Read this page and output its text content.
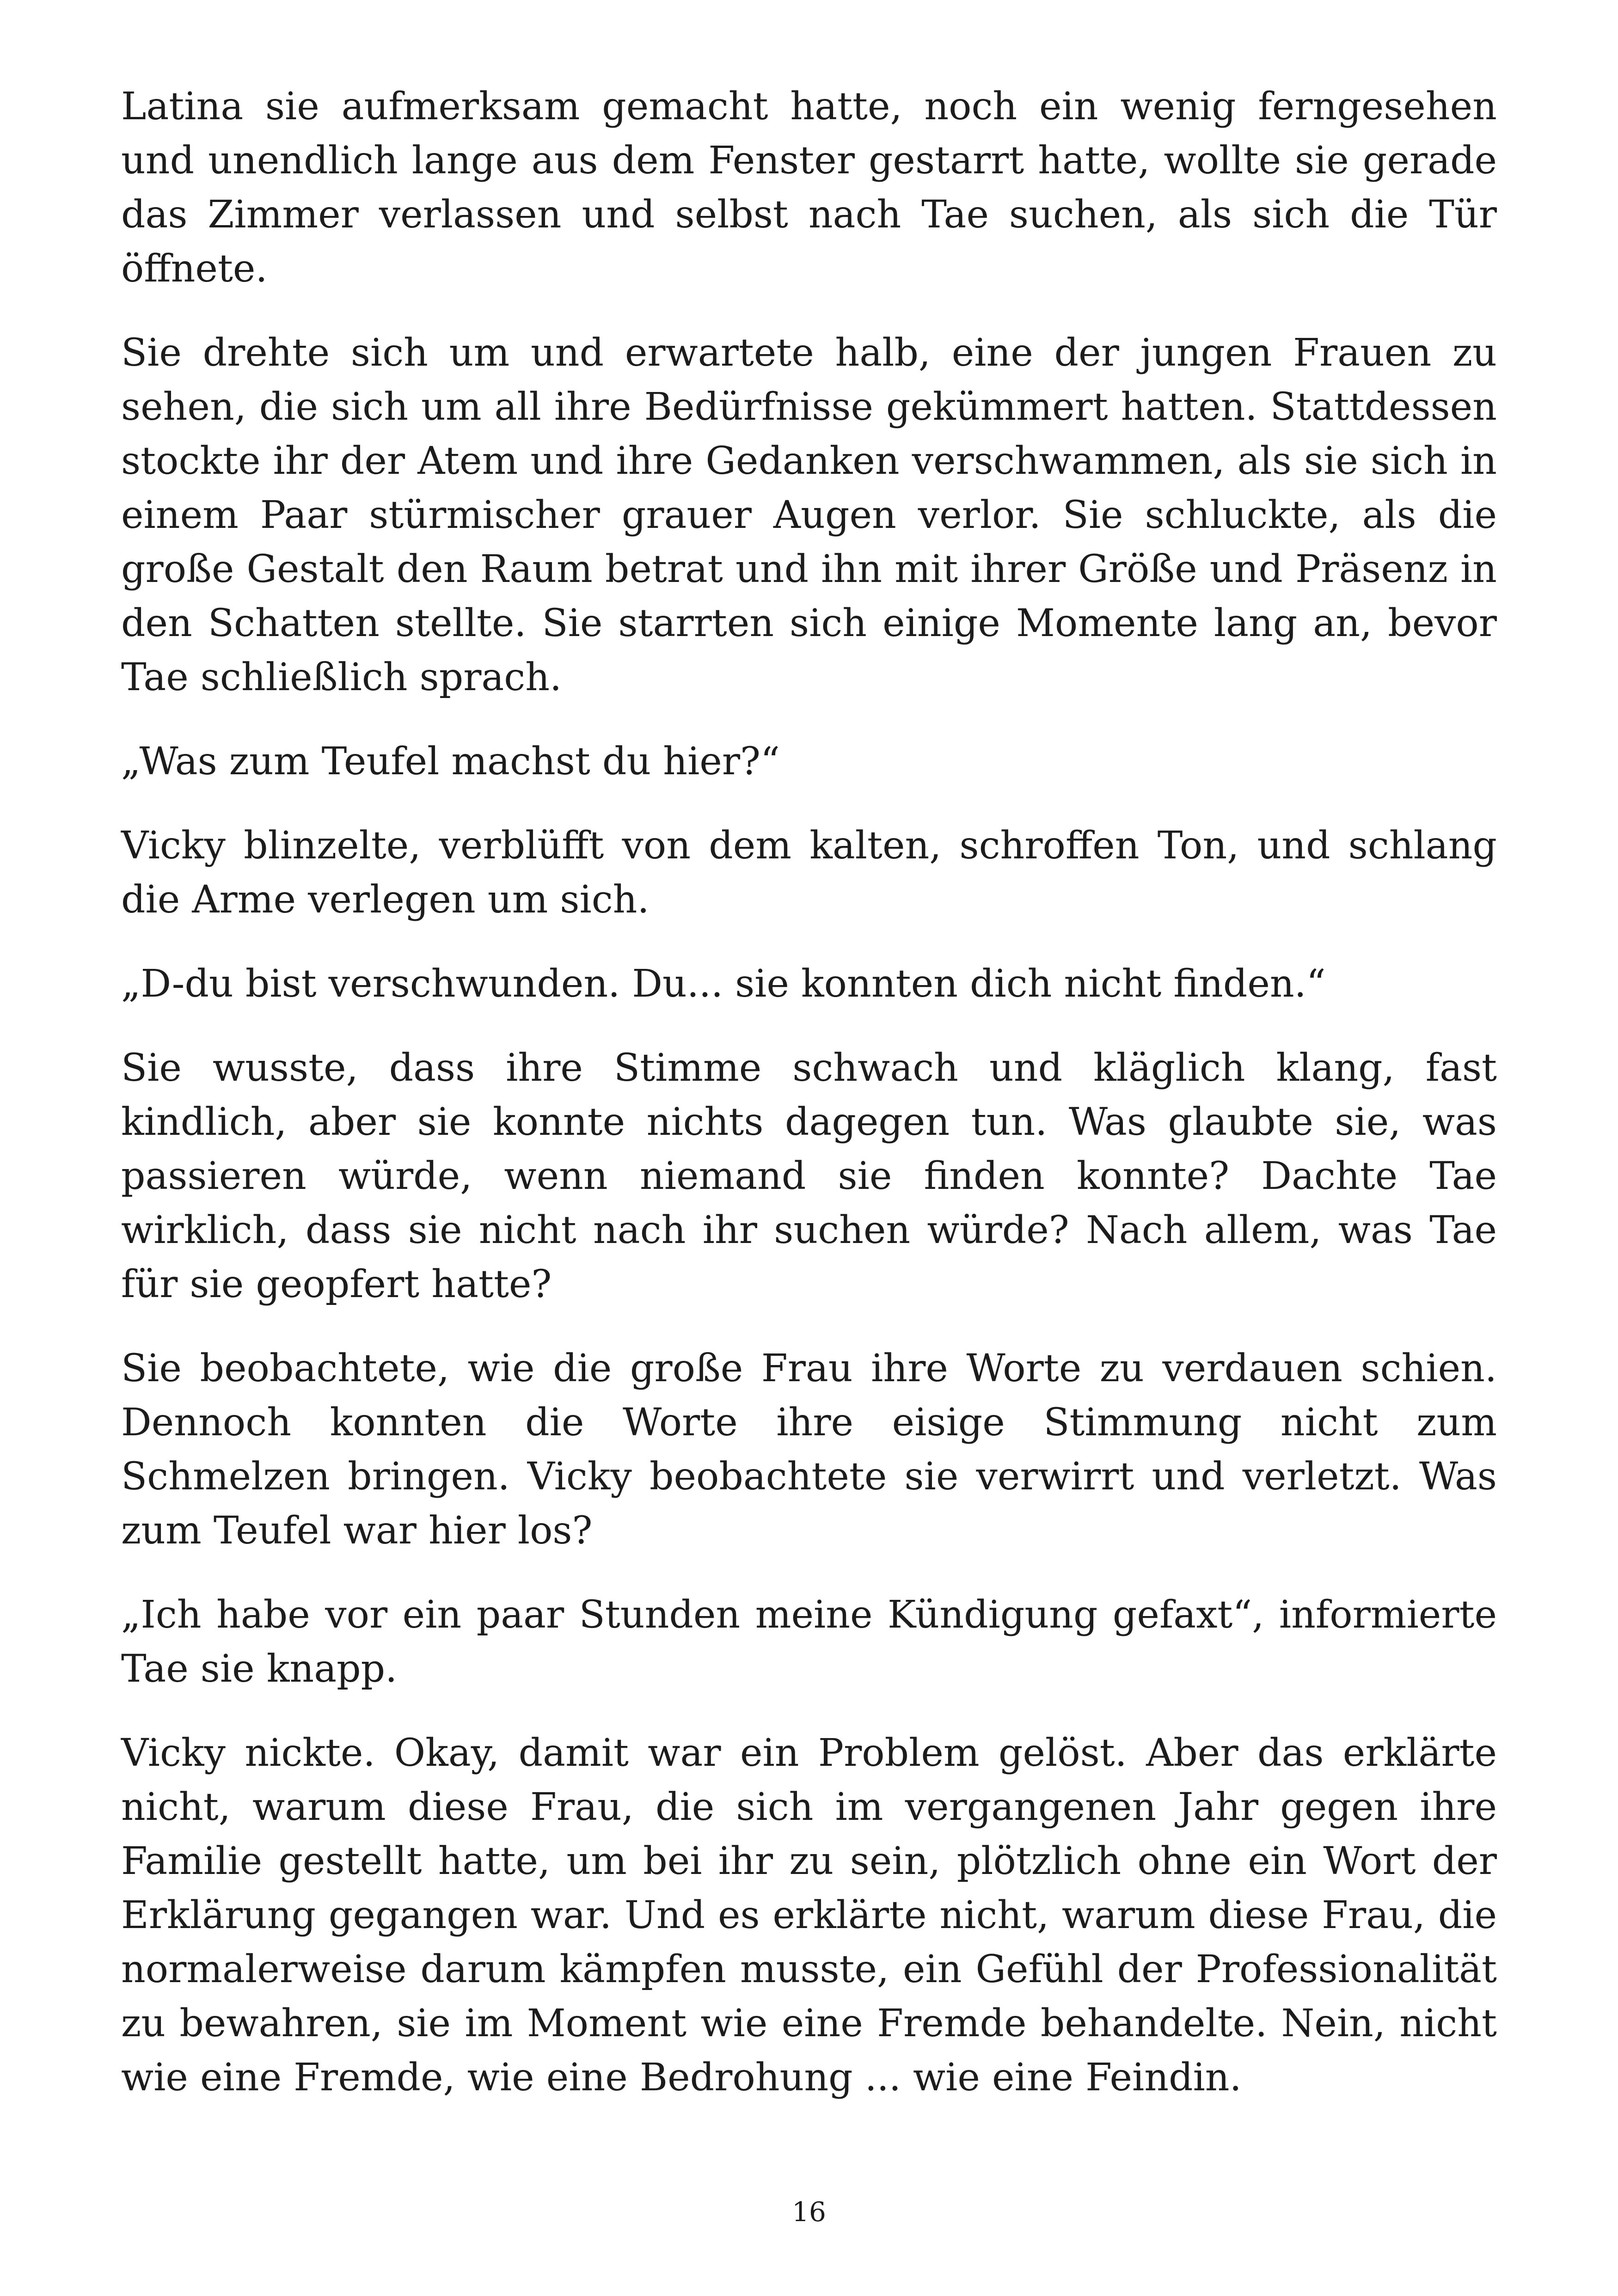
Latina sie aufmerksam gemacht hatte, noch ein wenig ferngesehen und unendlich lange aus dem Fenster gestarrt hatte, wollte sie gerade das Zimmer verlassen und selbst nach Tae suchen, als sich die Tür öffnete.

Sie drehte sich um und erwartete halb, eine der jungen Frauen zu sehen, die sich um all ihre Bedürfnisse gekümmert hatten. Stattdessen stockte ihr der Atem und ihre Gedanken verschwammen, als sie sich in einem Paar stürmischer grauer Augen verlor. Sie schluckte, als die große Gestalt den Raum betrat und ihn mit ihrer Größe und Präsenz in den Schatten stellte. Sie starrten sich einige Momente lang an, bevor Tae schließlich sprach.

„Was zum Teufel machst du hier?“

Vicky blinzelte, verblüfft von dem kalten, schroffen Ton, und schlang die Arme verlegen um sich.

„D-du bist verschwunden. Du... sie konnten dich nicht finden.“

Sie wusste, dass ihre Stimme schwach und kläglich klang, fast kindlich, aber sie konnte nichts dagegen tun. Was glaubte sie, was passieren würde, wenn niemand sie finden konnte? Dachte Tae wirklich, dass sie nicht nach ihr suchen würde? Nach allem, was Tae für sie geopfert hatte?

Sie beobachtete, wie die große Frau ihre Worte zu verdauen schien. Dennoch konnten die Worte ihre eisige Stimmung nicht zum Schmelzen bringen. Vicky beobachtete sie verwirrt und verletzt. Was zum Teufel war hier los?

„Ich habe vor ein paar Stunden meine Kündigung gefaxt“, informierte Tae sie knapp.

Vicky nickte. Okay, damit war ein Problem gelöst. Aber das erklärte nicht, warum diese Frau, die sich im vergangenen Jahr gegen ihre Familie gestellt hatte, um bei ihr zu sein, plötzlich ohne ein Wort der Erklärung gegangen war. Und es erklärte nicht, warum diese Frau, die normalerweise darum kämpfen musste, ein Gefühl der Professionalität zu bewahren, sie im Moment wie eine Fremde behandelte. Nein, nicht wie eine Fremde, wie eine Bedrohung ... wie eine Feindin.

16
